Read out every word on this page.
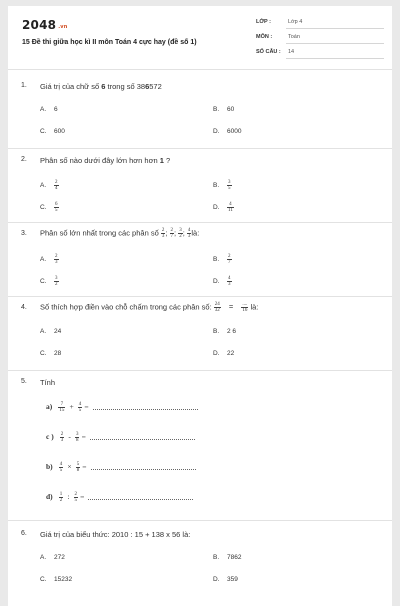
2048 .vn
15 Đề thi giữa học kì II môn Toán 4 cực hay (đề số 1)
LỚP :	Lớp 4
MÔN :	Toán
SỐ CÂU :	14
1. Giá trị của chữ số 6 trong số 386572
A. 6	B. 60
C. 600	D. 6000
2. Phân số nào dưới đây lớn hơn hơn 1 ?
A. $\frac{2}{4}$	B. $\frac{3}{5}$
C. $\frac{6}{5}$	D. $\frac{4}{11}$
3. Phân số lớn nhất trong các phân số $\frac{2}{3}$ ; $\frac{2}{7}$ ; $\frac{3}{2}$ ; $\frac{4}{3}$ là:
A. $\frac{2}{3}$	B. $\frac{2}{7}$
C. $\frac{3}{2}$	D. $\frac{4}{3}$
4. Số thích hợp điền vào chỗ chấm trong các phân số: $\frac{24}{32} = \frac{....}{16}$ là:
A. 24	B. 2 6
C. 28	D. 22
5. Tính
$a) \frac{7}{15} + \frac{4}{5}$ =
c ) $\frac{2}{3} - \frac{3}{8}$ =
$b) \frac{4}{5} \times \frac{5}{8}$ =
$d) \frac{1}{2}$ : $\frac{2}{5}$ =
6. Giá trị của biểu thức: 2010 : 15 + 138 x 56 là:
A. 272	B. 7862
C. 15232	D. 359
